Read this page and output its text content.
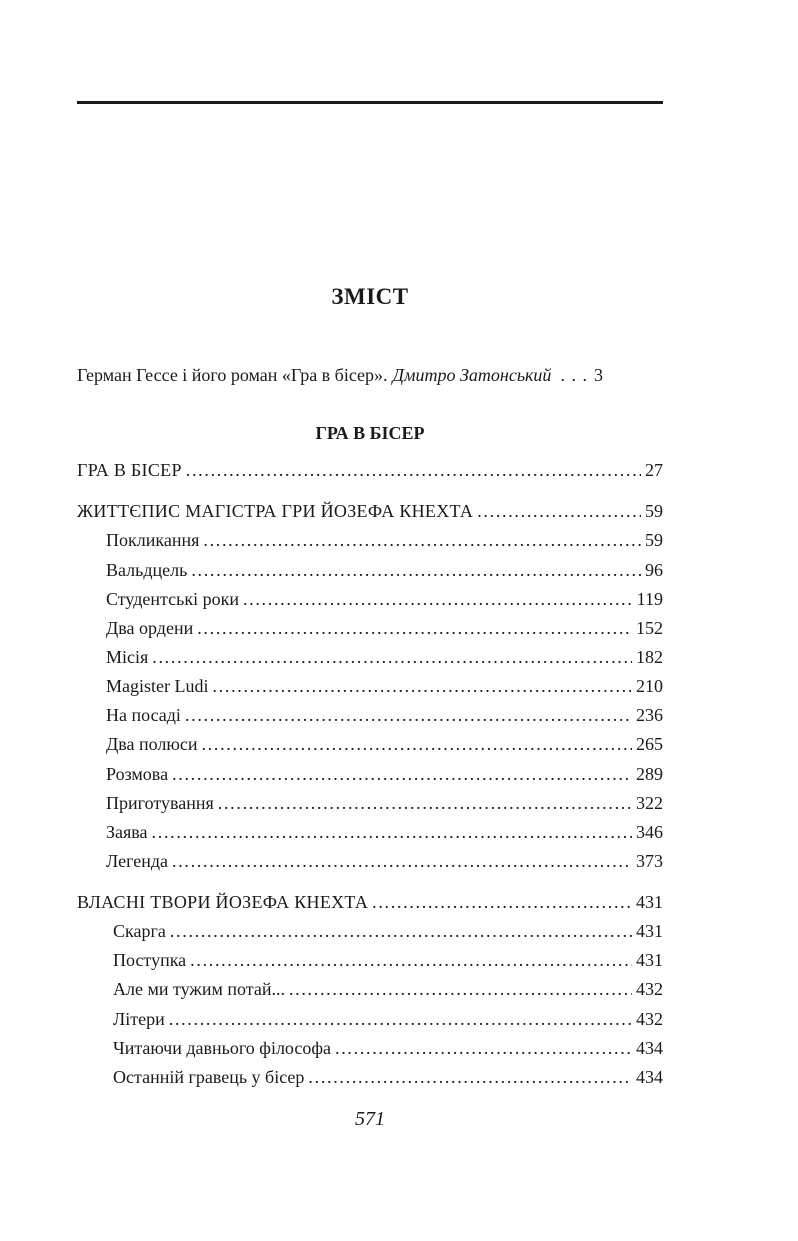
ЗМІСТ
Герман Гессе і його роман «Гра в бісер». Дмитро Затонський . . . 3
ГРА В БІСЕР
ГРА В БІСЕР . . .	27
ЖИТТЄПИС МАГІСТРА ГРИ ЙОЗЕФА КНЕХТА . . .	59
Покликання . . .	59
Вальдцель . . .	96
Студентські роки . . .	119
Два ордени . . .	152
Місія . . .	182
Magister Ludi . . .	210
На посаді . . .	236
Два полюси . . .	265
Розмова . . .	289
Приготування . . .	322
Заява . . .	346
Легенда . . .	373
ВЛАСНІ ТВОРИ ЙОЗЕФА КНЕХТА . . .	431
Скарга . . .	431
Поступка . . .	431
Але ми тужим потай... . . .	432
Літери . . .	432
Читаючи давнього філософа . . .	434
Останній гравець у бісер . . .	434
571
